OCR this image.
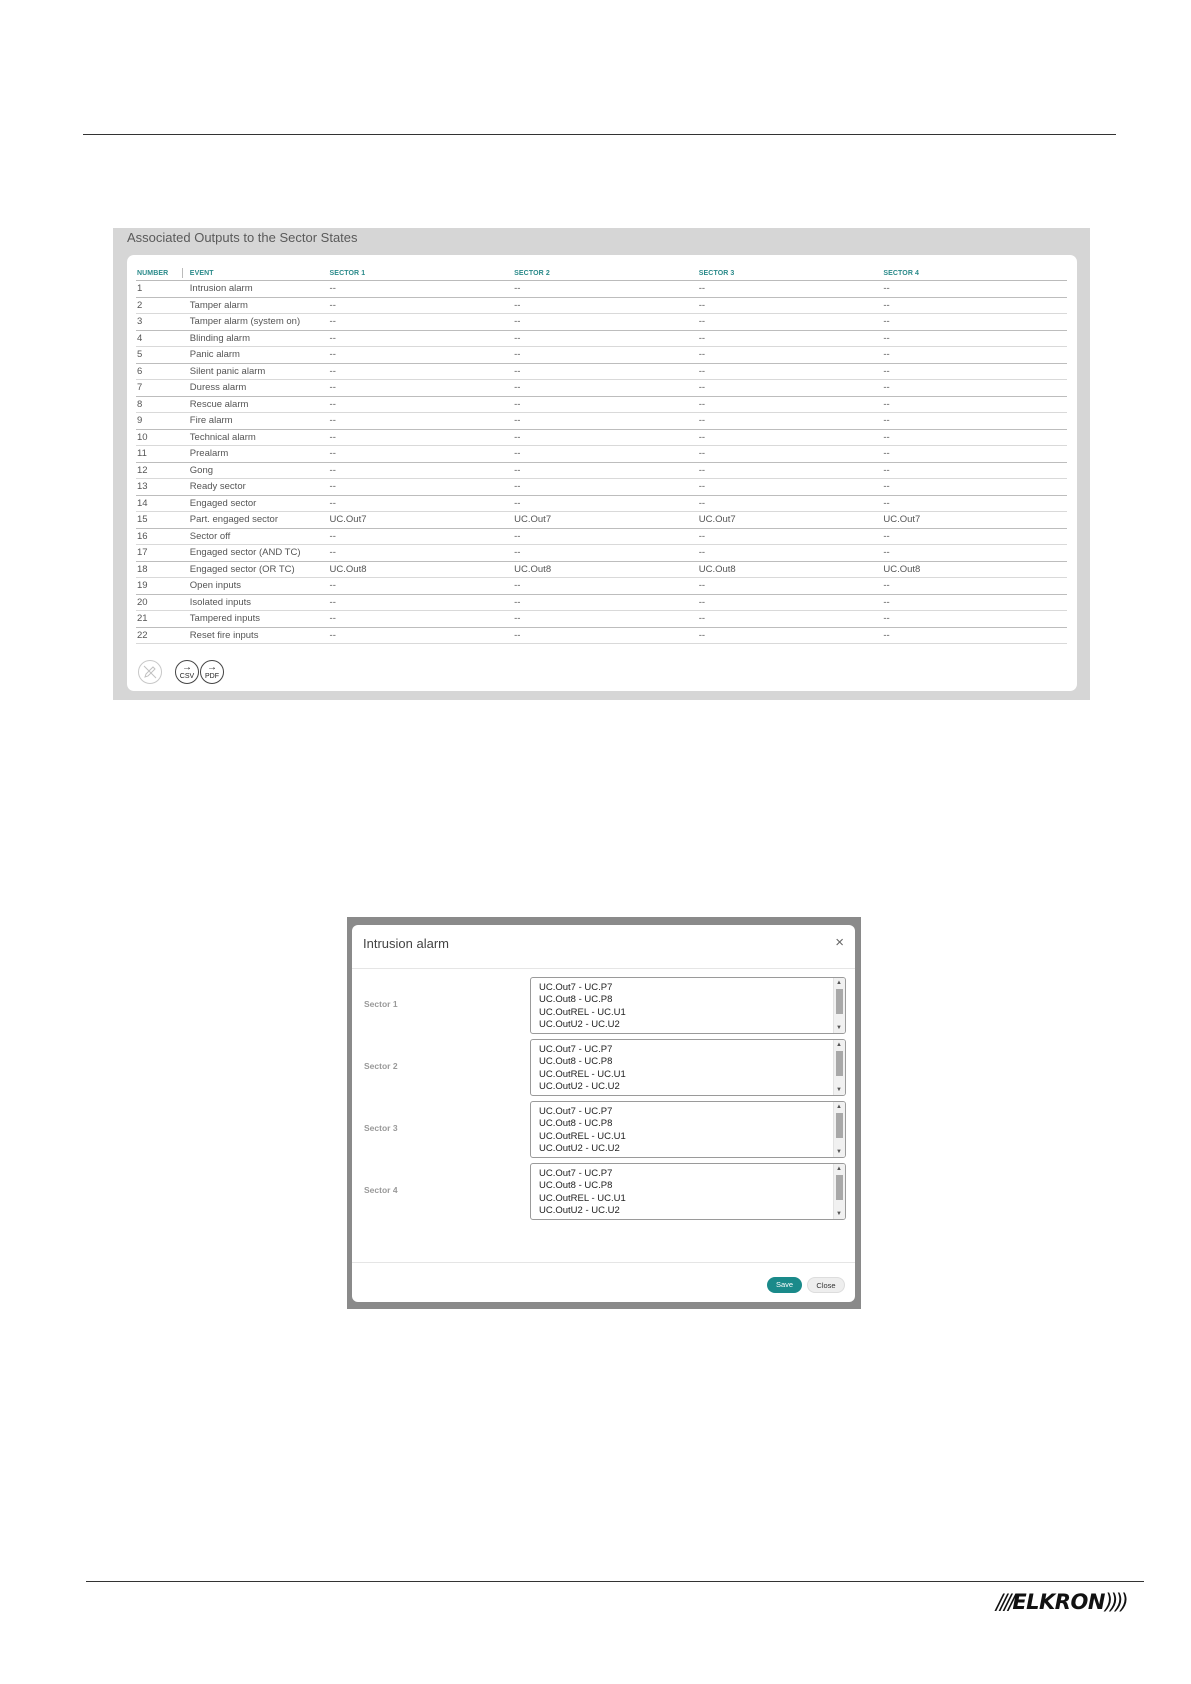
Associated Outputs to the Sector States
NUMBER	EVENT	SECTOR 1	SECTOR 2	SECTOR 3	SECTOR 4
1	Intrusion alarm	--	--	--	--
2	Tamper alarm	--	--	--	--
3	Tamper alarm (system on)	--	--	--	--
4	Blinding alarm	--	--	--	--
5	Panic alarm	--	--	--	--
6	Silent panic alarm	--	--	--	--
7	Duress alarm	--	--	--	--
8	Rescue alarm	--	--	--	--
9	Fire alarm	--	--	--	--
10	Technical alarm	--	--	--	--
11	Prealarm	--	--	--	--
12	Gong	--	--	--	--
13	Ready sector	--	--	--	--
14	Engaged sector	--	--	--	--
15	Part. engaged sector	UC.Out7	UC.Out7	UC.Out7	UC.Out7
16	Sector off	--	--	--	--
17	Engaged sector (AND TC)	--	--	--	--
18	Engaged sector (OR TC)	UC.Out8	UC.Out8	UC.Out8	UC.Out8
19	Open inputs	--	--	--	--
20	Isolated inputs	--	--	--	--
21	Tampered inputs	--	--	--	--
22	Reset fire inputs	--	--	--	--
→
CSV
→
PDF
Intrusion alarm	×
Sector 1
UC.Out7 - UC.P7
UC.Out8 - UC.P8
UC.OutREL - UC.U1
UC.OutU2 - UC.U2
▲
▼
Sector 2
UC.Out7 - UC.P7
UC.Out8 - UC.P8
UC.OutREL - UC.U1
UC.OutU2 - UC.U2
▲
▼
Sector 3
UC.Out7 - UC.P7
UC.Out8 - UC.P8
UC.OutREL - UC.U1
UC.OutU2 - UC.U2
▲
▼
Sector 4
UC.Out7 - UC.P7
UC.Out8 - UC.P8
UC.OutREL - UC.U1
UC.OutU2 - UC.U2
▲
▼
Save	Close
////ELKRON))))
